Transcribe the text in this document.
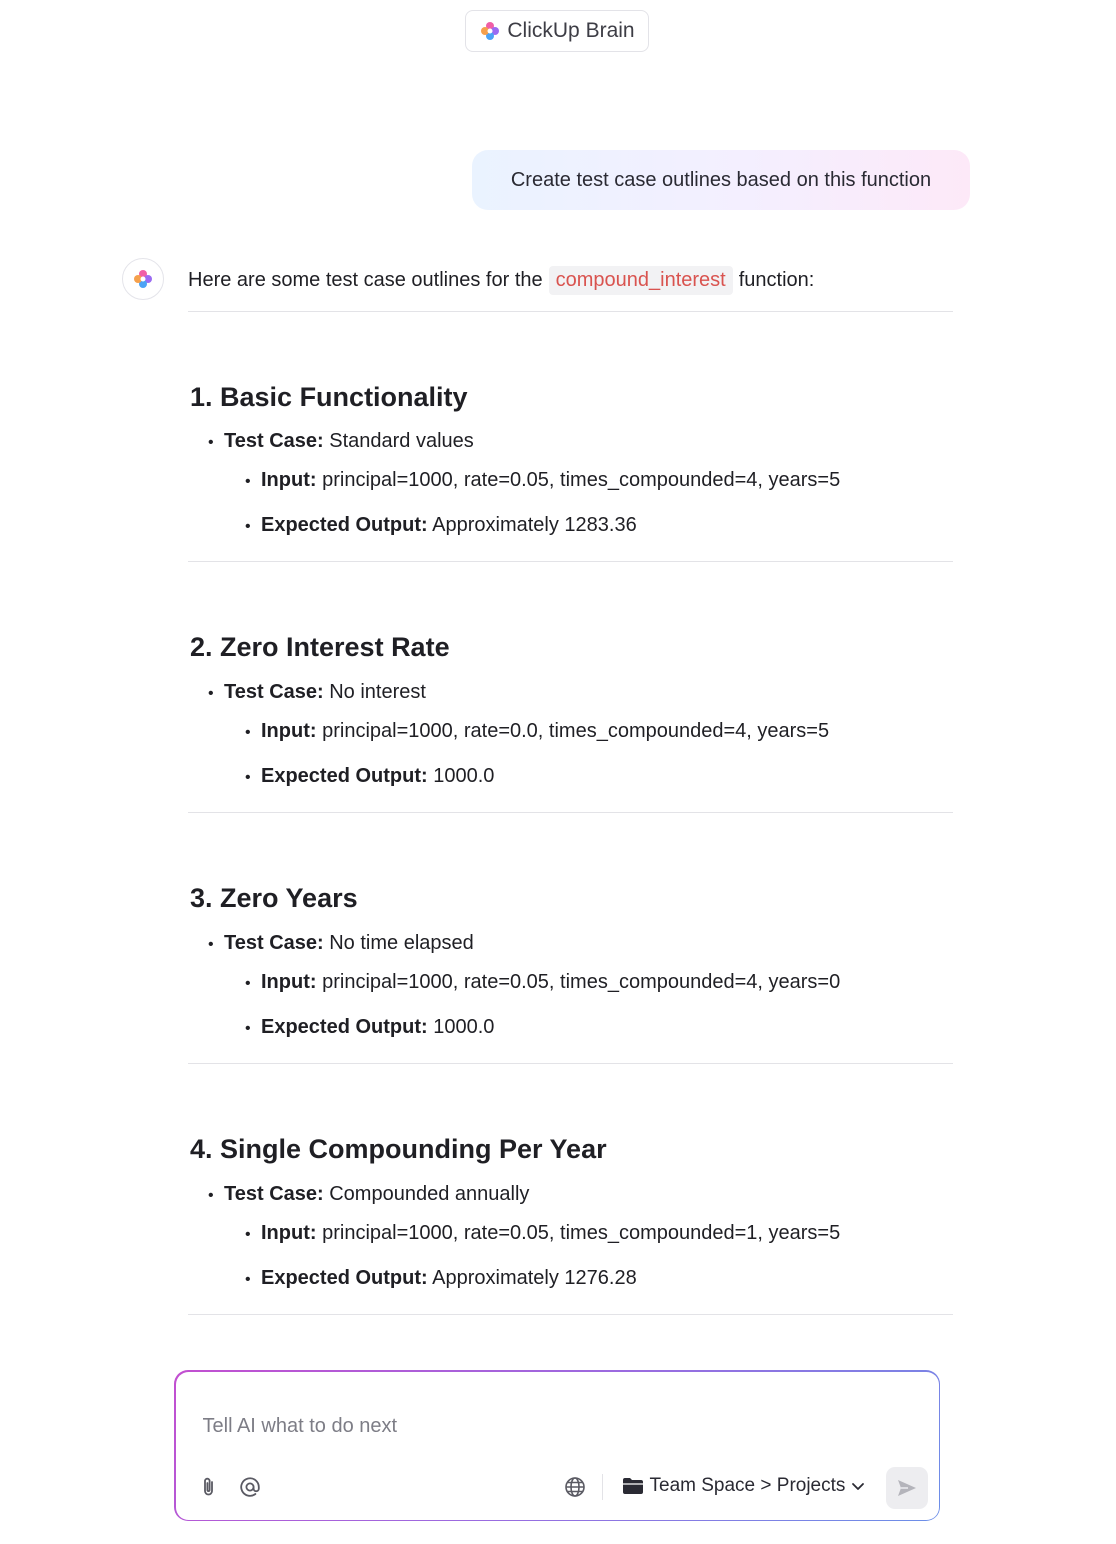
ClickUp Brain
Create test case outlines based on this function
Here are some test case outlines for the compound_interest function:
1. Basic Functionality
• Test Case: Standard values
• Input: principal=1000, rate=0.05, times_compounded=4, years=5
• Expected Output: Approximately 1283.36
2. Zero Interest Rate
• Test Case: No interest
• Input: principal=1000, rate=0.0, times_compounded=4, years=5
• Expected Output: 1000.0
3. Zero Years
• Test Case: No time elapsed
• Input: principal=1000, rate=0.05, times_compounded=4, years=0
• Expected Output: 1000.0
4. Single Compounding Per Year
• Test Case: Compounded annually
• Input: principal=1000, rate=0.05, times_compounded=1, years=5
• Expected Output: Approximately 1276.28
Tell AI what to do next
Team Space > Projects
